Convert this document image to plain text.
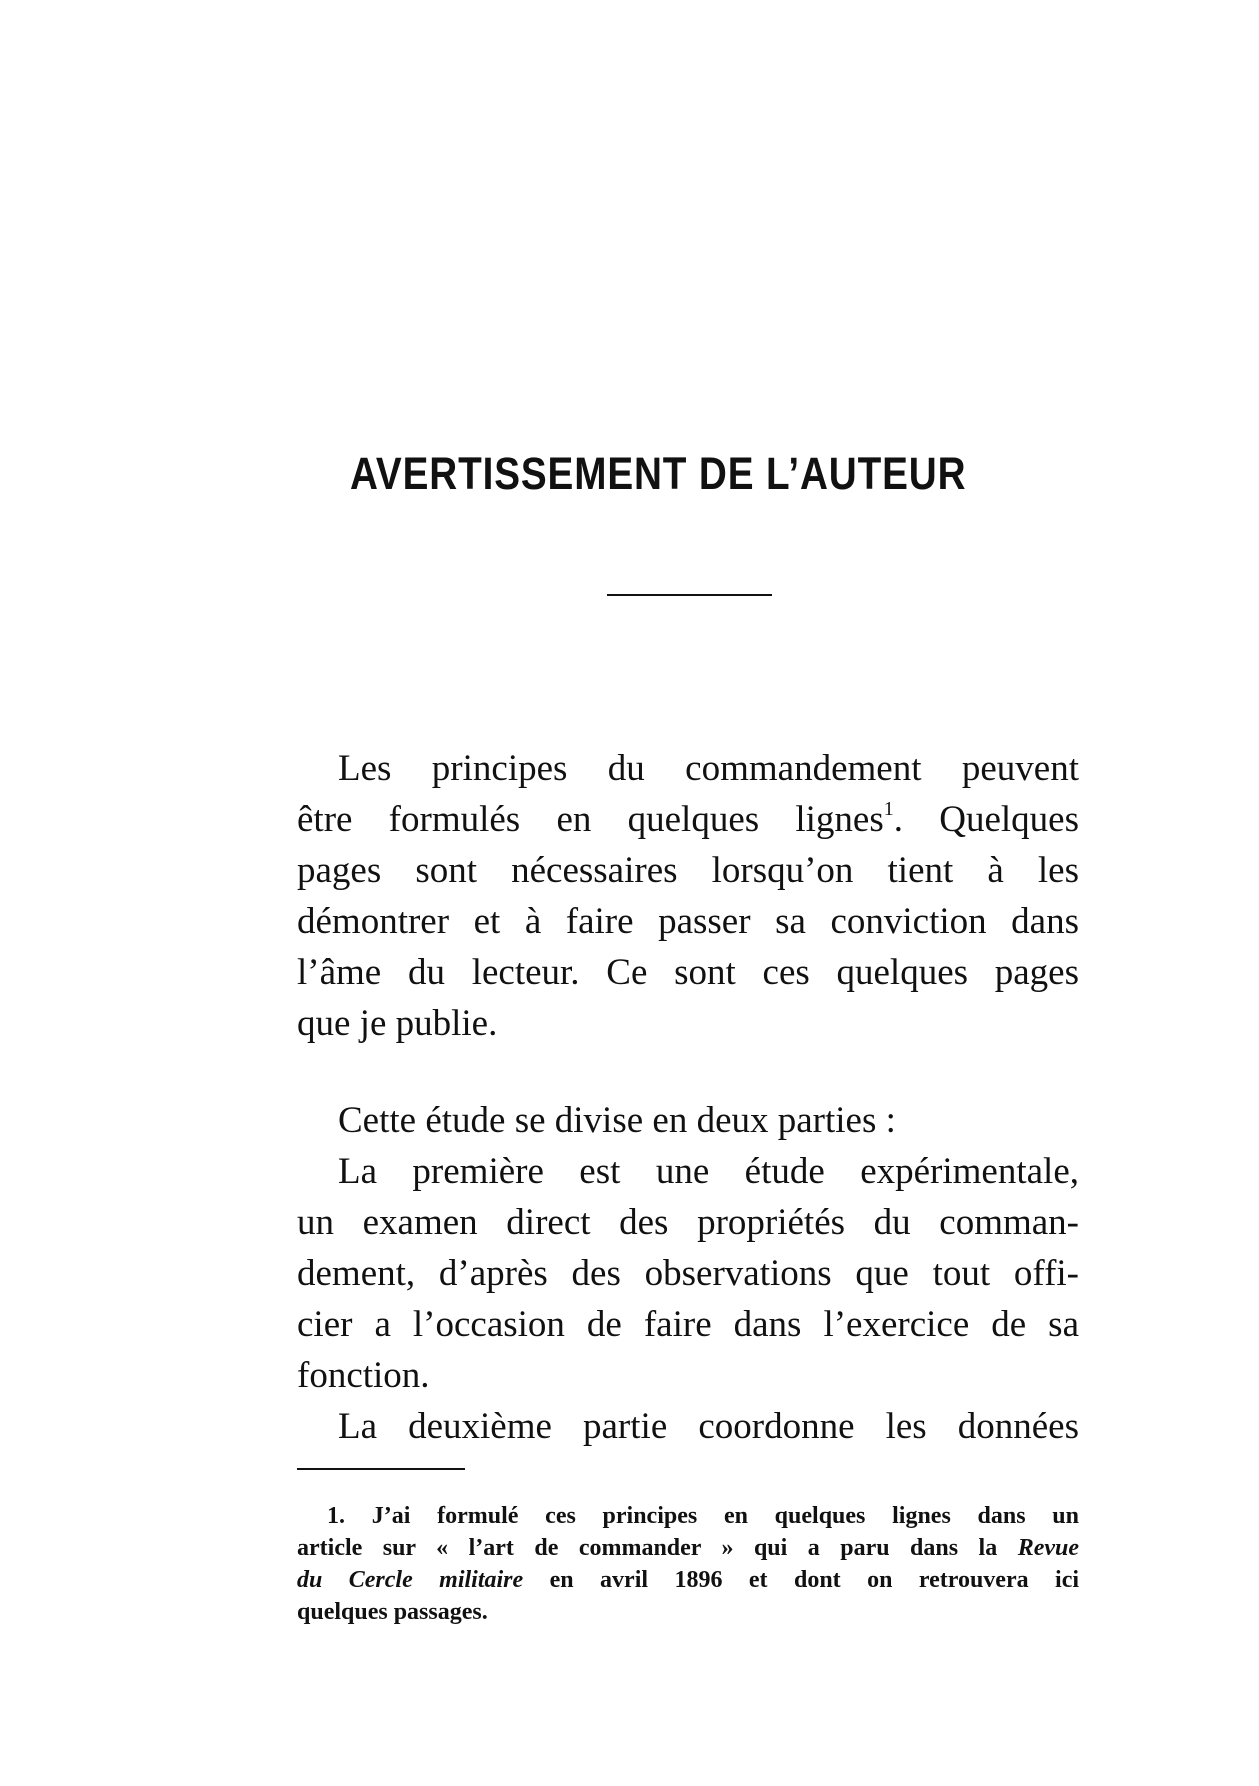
AVERTISSEMENT DE L’AUTEUR
Les principes du commandement peuvent
être formulés en quelques lignes$^1$. Quelques
pages sont nécessaires lorsqu’on tient à les
démontrer et à faire passer sa conviction dans
l’âme du lecteur. Ce sont ces quelques pages
que je publie.
Cette étude se divise en deux parties :
La première est une étude expérimentale,
un examen direct des propriétés du comman-
dement, d’après des observations que tout offi-
cier a l’occasion de faire dans l’exercice de sa
fonction.
La deuxième partie coordonne les données
1. J’ai formulé ces principes en quelques lignes dans un
article sur « l’art de commander » qui a paru dans la Revue
du Cercle militaire en avril 1896 et dont on retrouvera ici
quelques passages.
